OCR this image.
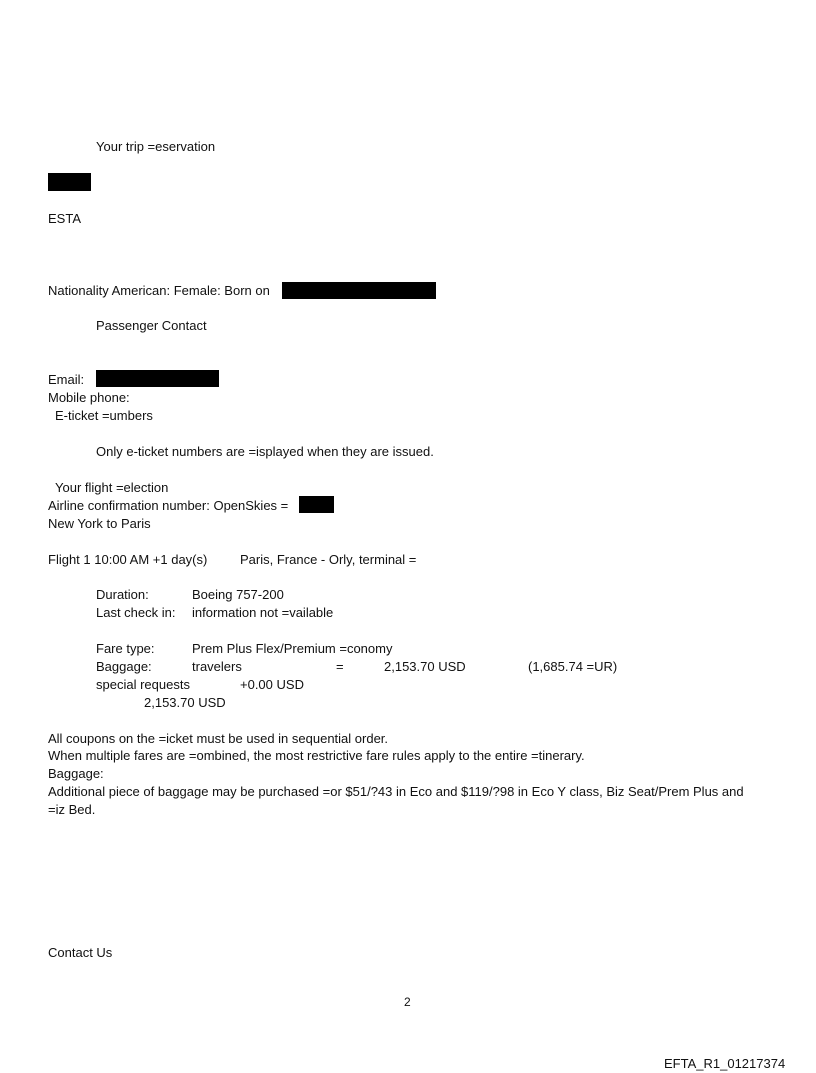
Your trip =eservation
ESTA
Nationality American: Female: Born on
Passenger Contact
Email:
Mobile phone:
E-ticket =umbers
Only e-ticket numbers are =isplayed when they are issued.
Your flight =election
Airline confirmation number: OpenSkies =
New York to Paris
Flight 1 10:00 AM +1 day(s)	Paris, France - Orly, terminal =
Duration:	Boeing 757-200
Last check in: information not =vailable
Fare type:	Prem Plus Flex/Premium =conomy
Baggage:	travelers	=	2,153.70 USD	(1,685.74 =UR)
special requests	+0.00 USD
2,153.70 USD
All coupons on the =icket must be used in sequential order.
When multiple fares are =ombined, the most restrictive fare rules apply to the entire =tinerary.
Baggage:
Additional piece of baggage may be purchased =or $51/?43 in Eco and $119/?98 in Eco Y class, Biz Seat/Prem Plus and
=iz Bed.
Contact Us
2
EFTA_R1_01217374
